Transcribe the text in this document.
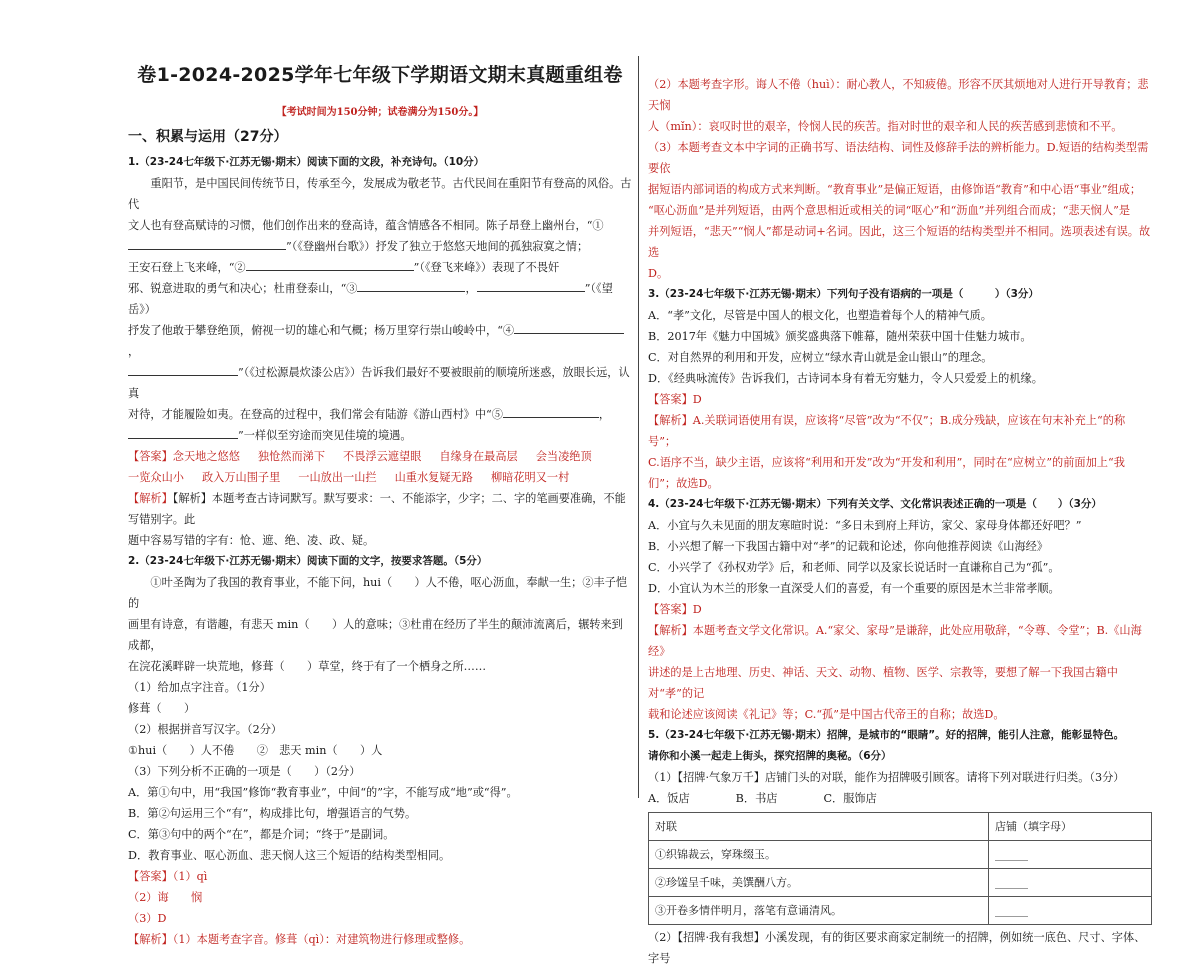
卷1-2024-2025学年七年级下学期语文期末真题重组卷
【考试时间为150分钟；试卷满分为150分。】
一、积累与运用（27分）

1.（23-24七年级下·江苏无锡·期末）阅读下面的文段，补充诗句。（10分）

重阳节，是中国民间传统节日，传承至今，发展成为敬老节。古代民间在重阳节有登高的风俗。古代

文人也有登高赋诗的习惯，他们创作出来的登高诗，蕴含情感各不相同。陈子昂登上幽州台，“①

”（《登幽州台歌》）抒发了独立于悠悠天地间的孤独寂寞之情；

王安石登上飞来峰，“②	”（《登飞来峰》）表现了不畏奸

邪、锐意进取的勇气和决心；杜甫登泰山，“③	，	”（《望岳》）

抒发了他敢于攀登绝顶，俯视一切的雄心和气概；杨万里穿行崇山峻岭中，“④，

”（《过松源晨炊漆公店》）告诉我们最好不要被眼前的顺境所迷惑，放眼长远，认真

对待，才能履险如夷。在登高的过程中，我们常会有陆游《游山西村》中“⑤	，

”一样似至穷途而突见佳境的境遇。

【答案】念天地之悠悠 独怆然而涕下 不畏浮云遮望眼 自缘身在最高层 会当凌绝顶

一览众山小 政入万山围子里 一山放出一山拦 山重水复疑无路 柳暗花明又一村

【解析】【解析】本题考查古诗词默写。默写要求：一、不能添字，少字；二、字的笔画要准确，不能写错别字。此

题中容易写错的字有：怆、遮、绝、凌、政、疑。

2.（23-24七年级下·江苏无锡·期末）阅读下面的文字，按要求答题。（5分）

①叶圣陶为了我国的教育事业，不能下问，hui（　　）人不倦，呕心沥血，奉献一生；②丰子恺的

画里有诗意，有谐趣，有悲天 min（　　）人的意味；③杜甫在经历了半生的颠沛流离后，辗转来到成都，

在浣花溪畔辟一块荒地，修葺（　　）草堂，终于有了一个栖身之所……

（1）给加点字注音。（1分）

修葺（　　）

（2）根据拼音写汉字。（2分）

①hui（　　）人不倦　　②　悲天 min（　　）人

（3）下列分析不正确的一项是（　　）（2分）

A．第①句中，用“我国”修饰“教育事业”，中间“的”字，不能写成“地”或“得”。

B．第②句运用三个“有”，构成排比句，增强语言的气势。

C．第③句中的两个“在”，都是介词；“终于”是副词。

D．教育事业、呕心沥血、悲天悯人这三个短语的结构类型相同。

【答案】（1）qì

（2）诲　　悯

（3）D

【解析】（1）本题考查字音。修葺（qì）：对建筑物进行修理或整修。

（2）本题考查字形。诲人不倦（huì）：耐心教人，不知疲倦。形容不厌其烦地对人进行开导教育；悲天悯

人（mǐn）：哀叹时世的艰辛，怜悯人民的疾苦。指对时世的艰辛和人民的疾苦感到悲愤和不平。

（3）本题考查文本中字词的正确书写、语法结构、词性及修辞手法的辨析能力。D.短语的结构类型需要依

据短语内部词语的构成方式来判断。“教育事业”是偏正短语，由修饰语“教育”和中心语“事业”组成；

“呕心沥血”是并列短语，由两个意思相近或相关的词“呕心”和“沥血”并列组合而成；“悲天悯人”是

并列短语，“悲天”“悯人”都是动词+名词。因此，这三个短语的结构类型并不相同。选项表述有误。故选

D。

3.（23-24七年级下·江苏无锡·期末）下列句子没有语病的一项是（　　　）（3分）

A．“孝”文化，尽管是中国人的根文化，也塑造着每个人的精神气质。

B．2017年《魅力中国城》颁奖盛典落下帷幕，随州荣获中国十佳魅力城市。

C．对自然界的利用和开发，应树立“绿水青山就是金山银山”的理念。

D．《经典咏流传》告诉我们，古诗词本身有着无穷魅力，令人只爱爱上的机缘。

【答案】D

【解析】A.关联词语使用有误，应该将“尽管”改为“不仅”；B.成分残缺，应该在句末补充上“的称号”；

C.语序不当，缺少主语，应该将“利用和开发”改为“开发和利用”，同时在“应树立”的前面加上“我

们”；故选D。

4.（23-24七年级下·江苏无锡·期末）下列有关文学、文化常识表述正确的一项是（　　）（3分）

A．小宜与久未见面的朋友寒暄时说：“多日未到府上拜访，家父、家母身体都还好吧？”

B．小兴想了解一下我国古籍中对“孝”的记载和论述，你向他推荐阅读《山海经》

C．小兴学了《孙权劝学》后，和老师、同学以及家长说话时一直谦称自己为“孤”。

D．小宜认为木兰的形象一直深受人们的喜爱，有一个重要的原因是木兰非常孝顺。

【答案】D

【解析】本题考查文学文化常识。A.“家父、家母”是谦辞，此处应用敬辞，“令尊、令堂”；B.《山海经》

讲述的是上古地理、历史、神话、天文、动物、植物、医学、宗教等，要想了解一下我国古籍中对“孝”的记

载和论述应该阅读《礼记》等；C.“孤”是中国古代帝王的自称；故选D。

5.（23-24七年级下·江苏无锡·期末）招牌，是城市的“眼睛”。好的招牌，能引人注意，能彰显特色。

请你和小溪一起走上街头，探究招牌的奥秘。（6分）

（1）【招牌·气象万千】店铺门头的对联，能作为招牌吸引顾客。请将下列对联进行归类。（3分）

A．饭店	B．书店	C．服饰店

对联	店铺（填字母）
①织锦裁云，穿珠缀玉。	______
②珍馐呈千味，美馔酬八方。	______
③开卷多情伴明月，落笔有意诵清风。	______

（2）【招牌·我有我想】小溪发现，有的街区要求商家定制统一的招牌，例如统一底色、尺寸、字体、字号
